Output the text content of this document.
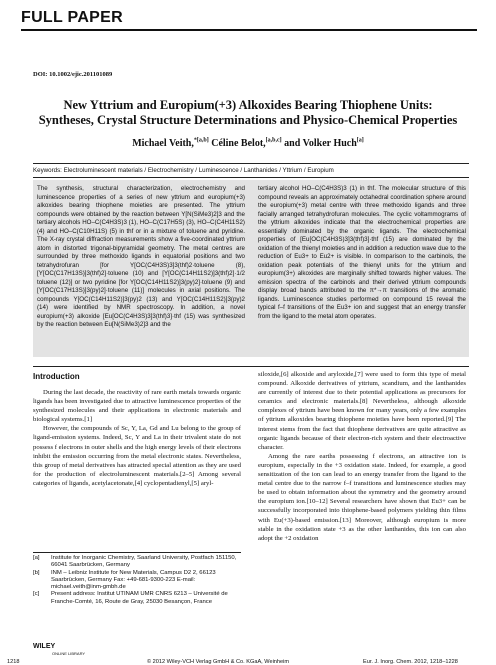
FULL PAPER
DOI: 10.1002/ejic.201101089
New Yttrium and Europium(+3) Alkoxides Bearing Thiophene Units:
Syntheses, Crystal Structure Determinations and Physico-Chemical Properties
Michael Veith,$^{*[a,b]}$ Céline Belot,[a,b,c] and Volker Huch[a]
Keywords: Electroluminescent materials / Electrochemistry / Luminescence / Lanthanides / Yttrium / Europium
The synthesis, structural characterization, electrochemistry and luminescence properties of a series of new yttrium and europium(+3) alkoxides bearing thiophene moieties are presented. The yttrium compounds were obtained by the reaction between Y[N(SiMe3)2]3 and the tertiary alcohols HO–C(C4H3S)3 (1), HO–C(C17H5S) (3), HO–C(C4H11S2) (4) and HO–C(C10H11S) (5) in thf or in a mixture of toluene and pyridine. The X-ray crystal diffraction measurements show a five-coordinated yttrium atom in distorted trigonal-bipyramidal geometry. The metal centres are surrounded by three methoxido ligands in equatorial positions and two tetrahydrofuran [for Y[OC(C4H3S)3]3(thf)2·toluene (8), [Y[OC(C17H13S)]3(thf)2]·toluene (10) and [Y[OC(C14H11S2)]3(thf)2]·1/2 toluene (12)] or two pyridine [for Y[OC(C14H11S2)]3(py)2]·toluene (9) and [Y[OC(C17H13S)]3(py)2]·toluene (11)] molecules in axial positions. The compounds Y[OC(C14H11S2)]3(py)2 (13) and Y[OC(C14H11S2)]3(py)2 (14) were identified by NMR spectroscopy. In addition, a novel europium(+3) alkoxide [Eu[OC(C4H3S)3]3(thf)3]·thf (15) was synthesized by the reaction between Eu[N(SiMe3)2]3 and the
tertiary alcohol HO–C(C4H3S)3 (1) in thf. The molecular structure of this compound reveals an approximately octahedral coordination sphere around the europium(+3) metal centre with three methoxido ligands and three facially arranged tetrahydrofuran molecules. The cyclic voltammograms of the yttrium alkoxides indicate that the electrochemical properties are essentially dominated by the organic ligands. The electrochemical properties of [Eu[OC(C4H3S)3]3(thf)3]·thf (15) are dominated by the oxidation of the thienyl moieties and in addition a reduction wave due to the reduction of Eu3+ to Eu2+ is visible. In comparison to the carbinols, the oxidation peak potentials of the thienyl units for the yttrium and europium(3+) alkoxides are marginally shifted towards higher values. The emission spectra of the carbinols and their derived yttrium compounds display broad bands attributed to the π*→π transitions of the aromatic ligands. Luminescence studies performed on compound 15 reveal the typical f–f transitions of the Eu3+ ion and suggest that an energy transfer from the ligand to the metal atom operates.
Introduction

During the last decade, the reactivity of rare earth metals towards organic ligands has been investigated due to attractive luminescence properties of the synthesized molecules and their applications in electronic materials and biological systems.[1]

However, the compounds of Sc, Y, La, Gd and Lu belong to the group of ligand-emission systems. Indeed, Sc, Y and La in their trivalent state do not possess f electrons in outer shells and the high energy levels of their electrons inhibit the emission occurring from the metal electronic states. Nevertheless, this group of metal derivatives has attracted special attention as they are used for the production of electroluminescent materials.[2–5] Among several categories of ligands, acetylacetonate,[4] cyclopentadienyl,[5] aryl-

siloxide,[6] alkoxide and aryloxide,[7] were used to form this type of metal compound. Alkoxide derivatives of yttrium, scandium, and the lanthanides are currently of interest due to their potential applications as precursors for ceramics and electronic materials.[8] Nevertheless, although alkoxide complexes of yttrium have been known for many years, only a few examples of yttrium alkoxides bearing thiophene moieties have been reported.[9] The interest stems from the fact that thiophene derivatives are quite attractive as organic ligands because of their electron-rich system and their electroactive character.

Among the rare earths possessing f electrons, an attractive ion is europium, especially in the +3 oxidation state. Indeed, for example, a good sensitization of the ion can lead to an energy transfer from the ligand to the metal centre due to the narrow f–f transitions and luminescence studies may be used to obtain information about the symmetry and the geometry around the europium ion.[10–12] Several researchers have shown that Eu3+ can be successfully incorporated into thiophene-based polymers yielding thin films with Eu(+3)-based emission.[13] Moreover, although europium is more stable in the oxidation state +3 as the other lanthanides, this ion can also adopt the +2 oxidation

[a]	Institute for Inorganic Chemistry, Saarland University, Postfach 151150, 66041 Saarbrücken, Germany
[b]	INM – Leibniz Institute for New Materials, Campus D2 2, 66123 Saarbrücken, Germany Fax: +49-681-9300-223 E-mail: michael.veith@inm-gmbh.de
[c]	Present address: Institut UTINAM UMR CNRS 6213 – Université de Franche-Comté, 16, Route de Gray, 25030 Besançon, France
WILEY
ONLINE LIBRARY
1218	© 2012 Wiley-VCH Verlag GmbH & Co. KGaA, Weinheim	Eur. J. Inorg. Chem. 2012, 1218–1228
